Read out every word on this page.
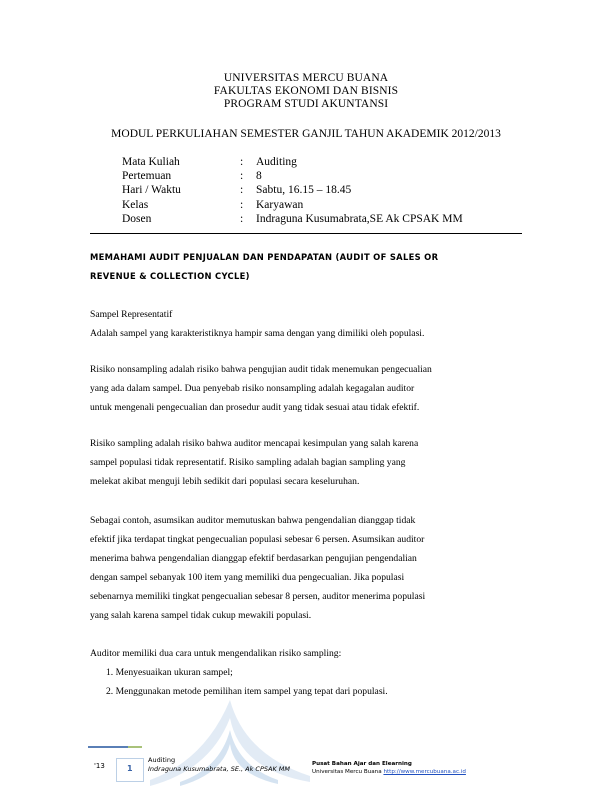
UNIVERSITAS MERCU BUANA
FAKULTAS EKONOMI DAN BISNIS
PROGRAM STUDI AKUNTANSI
MODUL PERKULIAHAN SEMESTER GANJIL TAHUN AKADEMIK 2012/2013
Mata Kuliah	:	Auditing
Pertemuan	:	8
Hari / Waktu	:	Sabtu, 16.15 – 18.45
Kelas	:	Karyawan
Dosen	:	Indraguna Kusumabrata,SE Ak CPSAK MM
MEMAHAMI AUDIT PENJUALAN DAN PENDAPATAN (AUDIT OF SALES OR
REVENUE & COLLECTION CYCLE)
Sampel Representatif
Adalah sampel yang karakteristiknya hampir sama dengan yang dimiliki oleh populasi.
Risiko nonsampling adalah risiko bahwa pengujian audit tidak menemukan pengecualian
yang ada dalam sampel. Dua penyebab risiko nonsampling adalah kegagalan auditor
untuk mengenali pengecualian dan prosedur audit yang tidak sesuai atau tidak efektif.
Risiko sampling adalah risiko bahwa auditor mencapai kesimpulan yang salah karena
sampel populasi tidak representatif. Risiko sampling adalah bagian sampling yang
melekat akibat menguji lebih sedikit dari populasi secara keseluruhan.
Sebagai contoh, asumsikan auditor memutuskan bahwa pengendalian dianggap tidak
efektif jika terdapat tingkat pengecualian populasi sebesar 6 persen. Asumsikan auditor
menerima bahwa pengendalian dianggap efektif berdasarkan pengujian pengendalian
dengan sampel sebanyak 100 item yang memiliki dua pengecualian. Jika populasi
sebenarnya memiliki tingkat pengecualian sebesar 8 persen, auditor menerima populasi
yang salah karena sampel tidak cukup mewakili populasi.
Auditor memiliki dua cara untuk mengendalikan risiko sampling:
1. Menyesuaikan ukuran sampel;
2. Menggunakan metode pemilihan item sampel yang tepat dari populasi.
'13	1
Auditing
Indraguna Kusumabrata, SE., Ak CPSAK MM
Pusat Bahan Ajar dan Elearning
Universitas Mercu Buana http://www.mercubuana.ac.id
